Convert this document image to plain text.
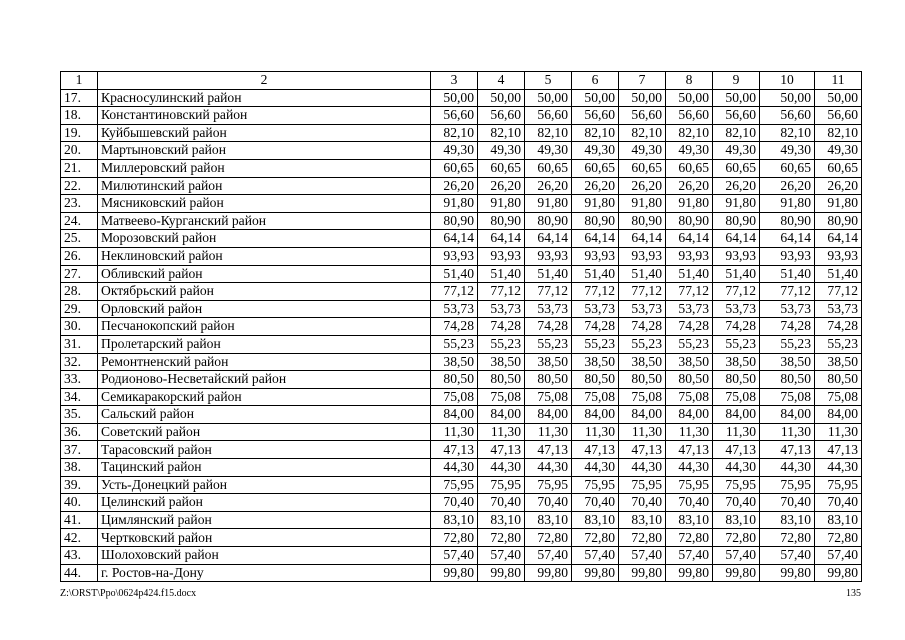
1	2	3	4	5	6	7	8	9	10	11
17.	Красносулинский район	50,00	50,00	50,00	50,00	50,00	50,00	50,00	50,00	50,00
18.	Константиновский район	56,60	56,60	56,60	56,60	56,60	56,60	56,60	56,60	56,60
19.	Куйбышевский район	82,10	82,10	82,10	82,10	82,10	82,10	82,10	82,10	82,10
20.	Мартыновский район	49,30	49,30	49,30	49,30	49,30	49,30	49,30	49,30	49,30
21.	Миллеровский район	60,65	60,65	60,65	60,65	60,65	60,65	60,65	60,65	60,65
22.	Милютинский район	26,20	26,20	26,20	26,20	26,20	26,20	26,20	26,20	26,20
23.	Мясниковский район	91,80	91,80	91,80	91,80	91,80	91,80	91,80	91,80	91,80
24.	Матвеево-Курганский район	80,90	80,90	80,90	80,90	80,90	80,90	80,90	80,90	80,90
25.	Морозовский район	64,14	64,14	64,14	64,14	64,14	64,14	64,14	64,14	64,14
26.	Неклиновский район	93,93	93,93	93,93	93,93	93,93	93,93	93,93	93,93	93,93
27.	Обливский район	51,40	51,40	51,40	51,40	51,40	51,40	51,40	51,40	51,40
28.	Октябрьский район	77,12	77,12	77,12	77,12	77,12	77,12	77,12	77,12	77,12
29.	Орловский район	53,73	53,73	53,73	53,73	53,73	53,73	53,73	53,73	53,73
30.	Песчанокопский район	74,28	74,28	74,28	74,28	74,28	74,28	74,28	74,28	74,28
31.	Пролетарский район	55,23	55,23	55,23	55,23	55,23	55,23	55,23	55,23	55,23
32.	Ремонтненский район	38,50	38,50	38,50	38,50	38,50	38,50	38,50	38,50	38,50
33.	Родионово-Несветайский район	80,50	80,50	80,50	80,50	80,50	80,50	80,50	80,50	80,50
34.	Семикаракорский район	75,08	75,08	75,08	75,08	75,08	75,08	75,08	75,08	75,08
35.	Сальский район	84,00	84,00	84,00	84,00	84,00	84,00	84,00	84,00	84,00
36.	Советский район	11,30	11,30	11,30	11,30	11,30	11,30	11,30	11,30	11,30
37.	Тарасовский район	47,13	47,13	47,13	47,13	47,13	47,13	47,13	47,13	47,13
38.	Тацинский район	44,30	44,30	44,30	44,30	44,30	44,30	44,30	44,30	44,30
39.	Усть-Донецкий район	75,95	75,95	75,95	75,95	75,95	75,95	75,95	75,95	75,95
40.	Целинский район	70,40	70,40	70,40	70,40	70,40	70,40	70,40	70,40	70,40
41.	Цимлянский район	83,10	83,10	83,10	83,10	83,10	83,10	83,10	83,10	83,10
42.	Чертковский район	72,80	72,80	72,80	72,80	72,80	72,80	72,80	72,80	72,80
43.	Шолоховский район	57,40	57,40	57,40	57,40	57,40	57,40	57,40	57,40	57,40
44.	г. Ростов-на-Дону	99,80	99,80	99,80	99,80	99,80	99,80	99,80	99,80	99,80
Z:\ORST\Ppo\0624p424.f15.docx	135
